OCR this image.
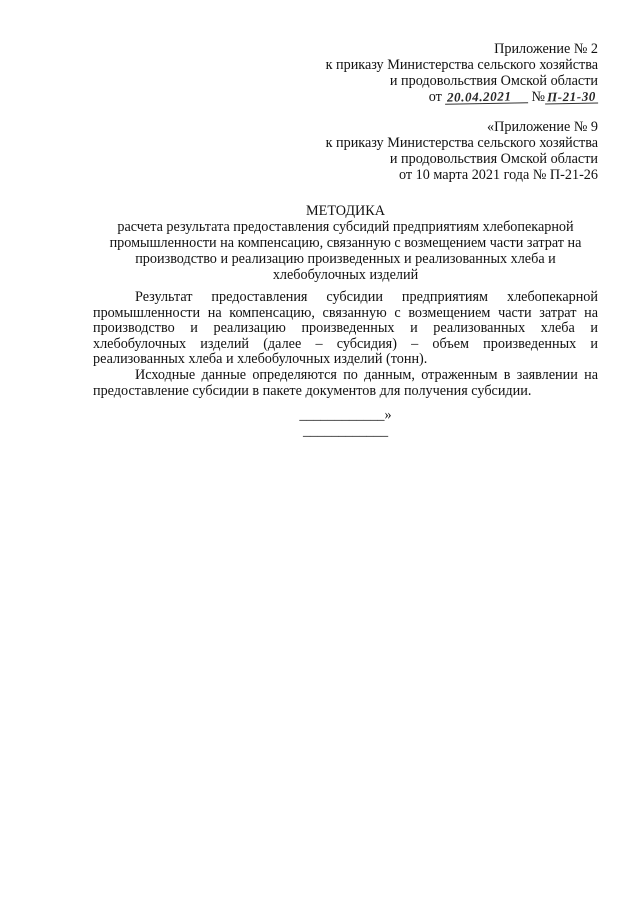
Приложение № 2
к приказу Министерства сельского хозяйства
и продовольствия Омской области
от 20.04.2021 № П-21-30
«Приложение № 9
к приказу Министерства сельского хозяйства
и продовольствия Омской области
от 10 марта 2021 года № П-21-26
МЕТОДИКА
расчета результата предоставления субсидий предприятиям хлебопекарной
промышленности на компенсацию, связанную с возмещением части затрат на
производство и реализацию произведенных и реализованных хлеба и
хлебобулочных изделий
Результат предоставления субсидии предприятиям хлебопекарной
промышленности на компенсацию, связанную с возмещением части затрат на
производство и реализацию произведенных и реализованных хлеба и
хлебобулочных изделий (далее – субсидия) – объем произведенных и
реализованных хлеба и хлебобулочных изделий (тонн).
Исходные данные определяются по данным, отраженным в заявлении на
предоставление субсидии в пакете документов для получения субсидии.
____________»
____________
